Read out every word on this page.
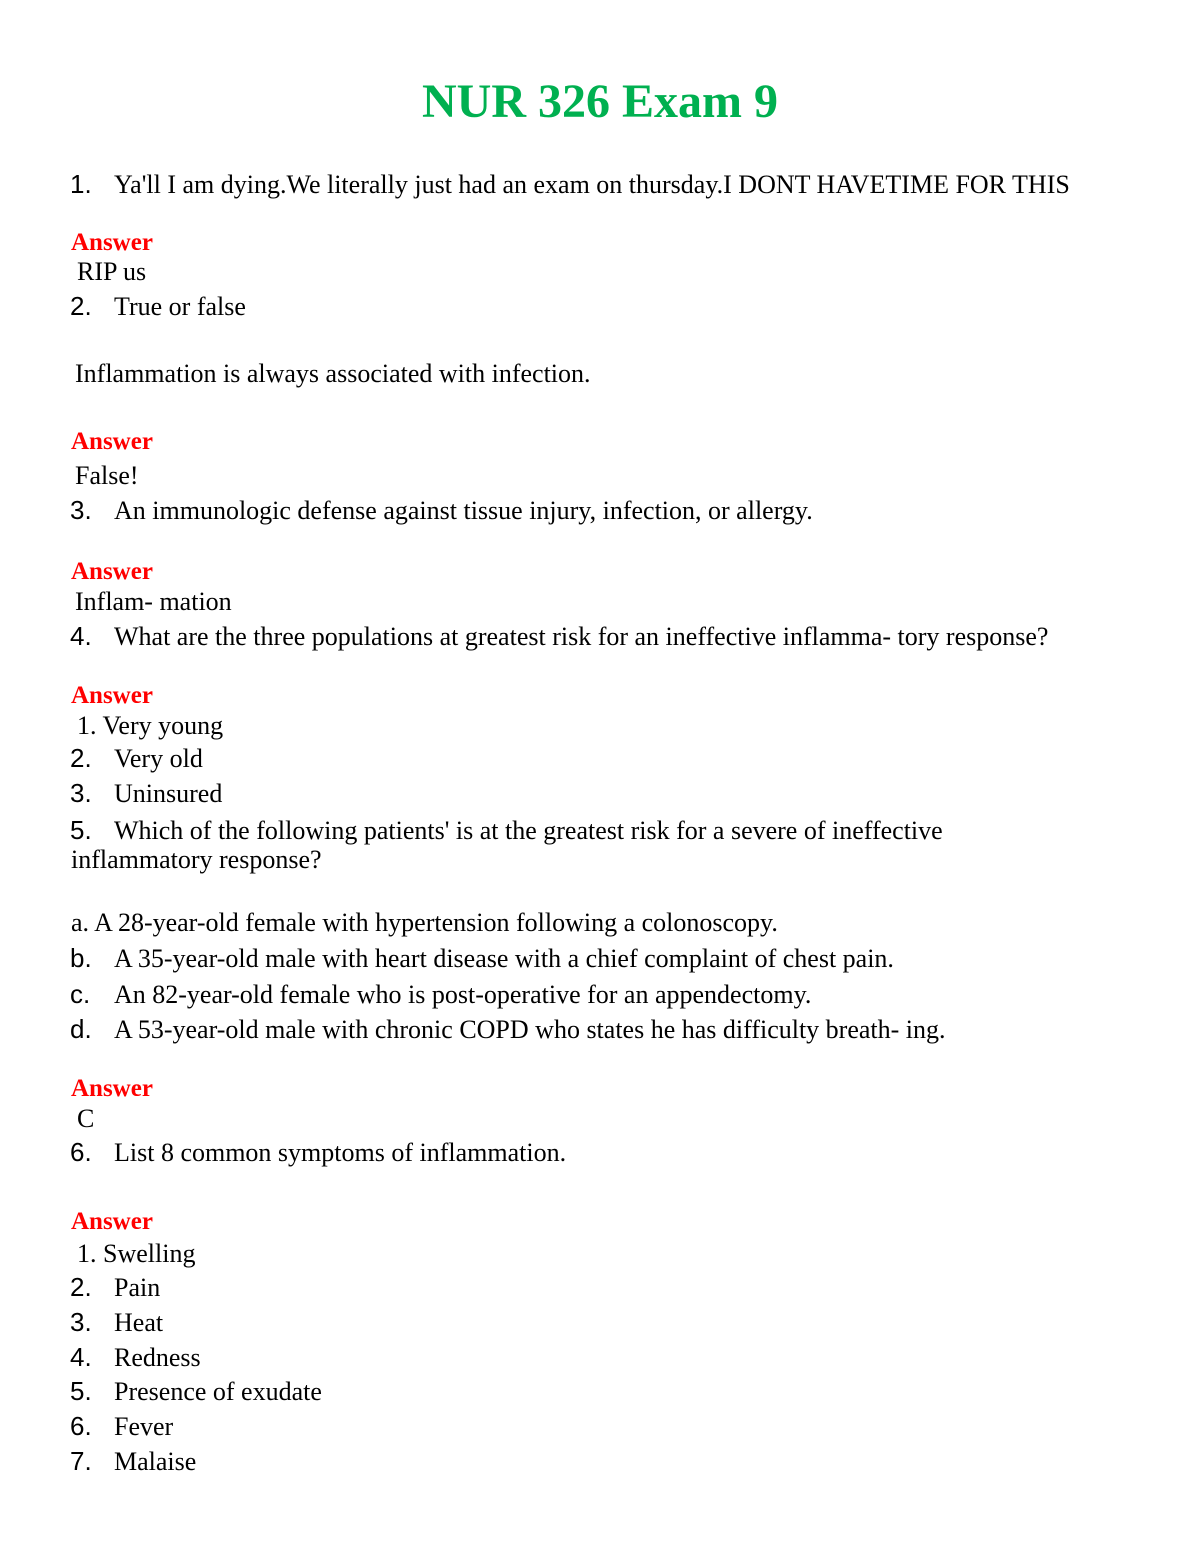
NUR 326 Exam 9
1. Ya'll I am dying.We literally just had an exam on thursday.I DONT HAVETIME FOR THIS
Answer
RIP us
2. True or false
Inflammation is always associated with infection.
Answer
False!
3. An immunologic defense against tissue injury, infection, or allergy.
Answer
Inflam- mation
4. What are the three populations at greatest risk for an ineffective inflamma- tory response?
Answer
1. Very young
2. Very old
3. Uninsured
5. Which of the following patients' is at the greatest risk for a severe of ineffective
inflammatory response?
a. A 28-year-old female with hypertension following a colonoscopy.
b. A 35-year-old male with heart disease with a chief complaint of chest pain.
c. An 82-year-old female who is post-operative for an appendectomy.
d. A 53-year-old male with chronic COPD who states he has difficulty breath- ing.
Answer
C
6. List 8 common symptoms of inflammation.
Answer
1. Swelling
2. Pain
3. Heat
4. Redness
5. Presence of exudate
6. Fever
7. Malaise
